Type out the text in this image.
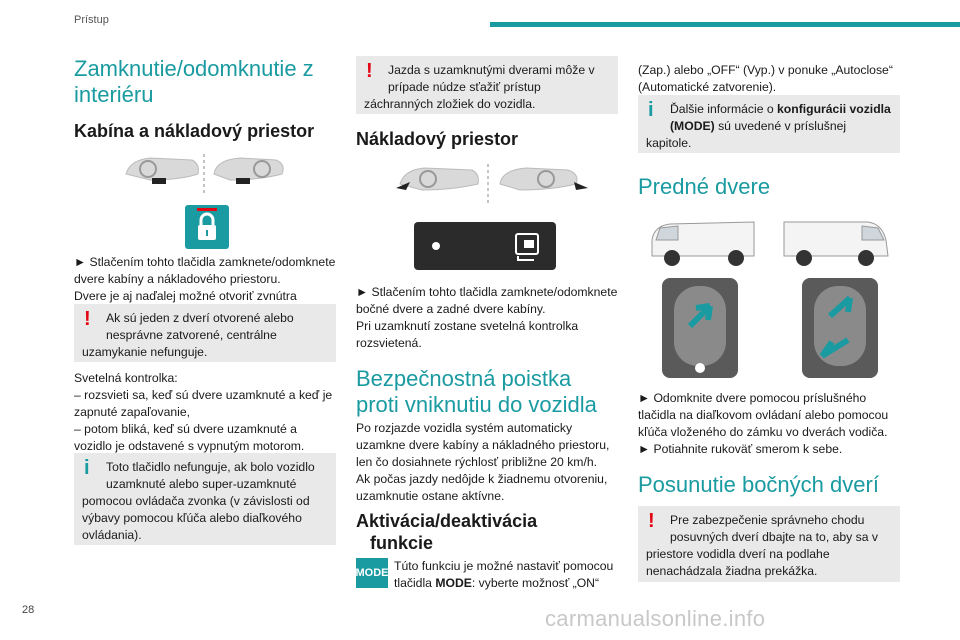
Prístup
28	carmanualsonline.info
Zamknutie/odomknutie z
interiéru
Kabína a nákladový priestor
► Stlačením tohto tlačidla zamknete/odomknete
dvere kabíny a nákladového priestoru.
Dvere je aj naďalej možné otvoriť zvnútra
!	Ak sú jeden z dverí otvorené alebo
nesprávne zatvorené, centrálne
uzamykanie nefunguje.
Svetelná kontrolka:
– rozsvieti sa, keď sú dvere uzamknuté a keď je
zapnuté zapaľovanie,
– potom bliká, keď sú dvere uzamknuté a
vozidlo je odstavené s vypnutým motorom.
i	Toto tlačidlo nefunguje, ak bolo vozidlo
uzamknuté alebo super-uzamknuté
pomocou ovládača zvonka (v závislosti od
výbavy pomocou kľúča alebo diaľkového
ovládania).
!	Jazda s uzamknutými dverami môže v
prípade núdze sťažiť prístup
záchranných zložiek do vozidla.
Nákladový priestor
► Stlačením tohto tlačidla zamknete/odomknete
bočné dvere a zadné dvere kabíny.
Pri uzamknutí zostane svetelná kontrolka
rozsvietená.
Bezpečnostná poistka
proti vniknutiu do vozidla
Po rozjazde vozidla systém automaticky
uzamkne dvere kabíny a nákladného priestoru,
len čo dosiahnete rýchlosť približne 20 km/h.
Ak počas jazdy nedôjde k žiadnemu otvoreniu,
uzamknutie ostane aktívne.
Aktivácia/deaktivácia
funkcie
MODE Túto funkciu je možné nastaviť pomocou
tlačidla MODE: vyberte možnosť „ON“
(Zap.) alebo „OFF“ (Vyp.) v ponuke „Autoclose“
(Automatické zatvorenie).
i	Ďalšie informácie o konfigurácii vozidla
(MODE) sú uvedené v príslušnej
kapitole.
Predné dvere
► Odomknite dvere pomocou príslušného
tlačidla na diaľkovom ovládaní alebo pomocou
kľúča vloženého do zámku vo dverách vodiča.
► Potiahnite rukoväť smerom k sebe.
Posunutie bočných dverí
!	Pre zabezpečenie správneho chodu
posuvných dverí dbajte na to, aby sa v
priestore vodidla dverí na podlahe
nenachádzala žiadna prekážka.
